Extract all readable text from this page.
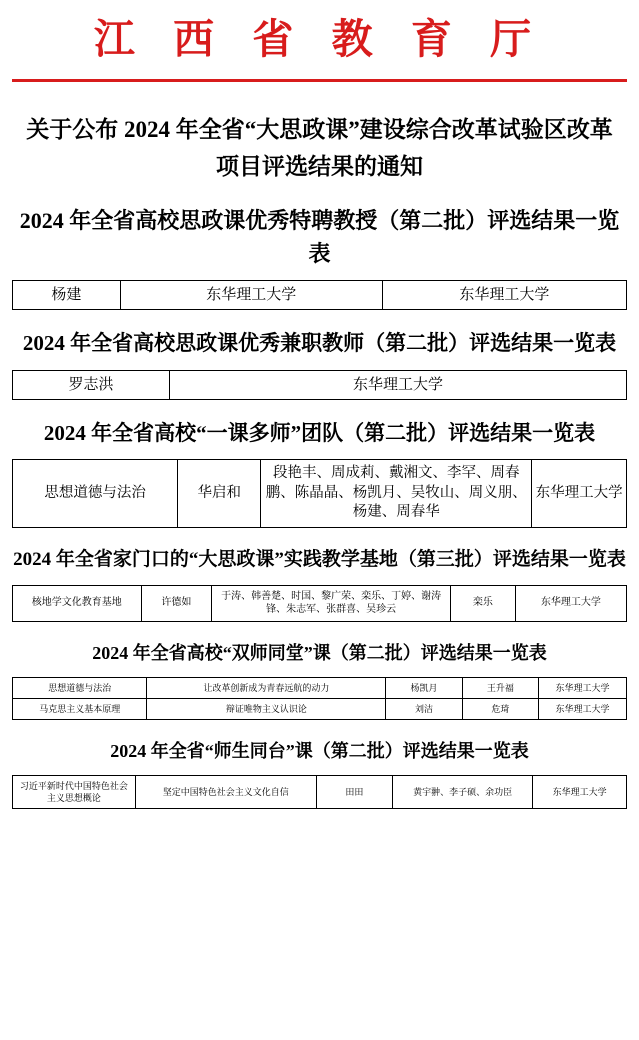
江 西 省 教 育 厅
关于公布 2024 年全省“大思政课”建设综合改革试验区改革项目评选结果的通知
2024 年全省高校思政课优秀特聘教授（第二批）评选结果一览表
杨建	东华理工大学	东华理工大学
2024 年全省高校思政课优秀兼职教师（第二批）评选结果一览表
罗志洪	东华理工大学
2024 年全省高校“一课多师”团队（第二批）评选结果一览表
思想道德与法治	华启和	段艳丰、周成莉、戴湘文、李罕、周春鹏、陈晶晶、杨凯月、吴牧山、周义朋、杨建、周春华	东华理工大学
2024 年全省家门口的“大思政课”实践教学基地（第三批）评选结果一览表
核地学文化教育基地	许德如	于涛、韩善楚、时国、黎广荣、栾乐、丁婷、谢涛锋、朱志军、张群喜、吴珍云	栾乐	东华理工大学
2024 年全省高校“双师同堂”课（第二批）评选结果一览表
思想道德与法治	让改革创新成为青春远航的动力	杨凯月	王升福	东华理工大学
马克思主义基本原理	辩证唯物主义认识论	刘洁	危琦	东华理工大学
2024 年全省“师生同台”课（第二批）评选结果一览表
习近平新时代中国特色社会主义思想概论	坚定中国特色社会主义文化自信	田田	黄宇翀、李子硕、余功臣	东华理工大学
